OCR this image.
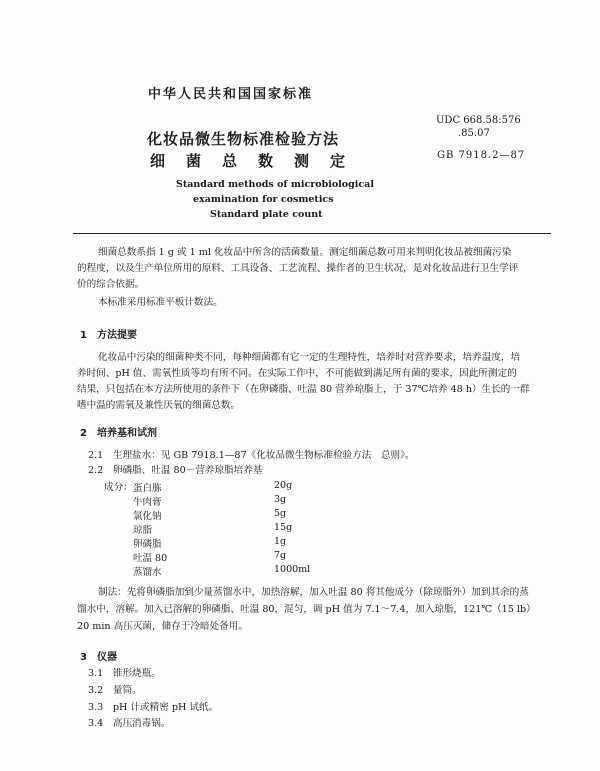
中华人民共和国国家标准
化妆品微生物标准检验方法
细菌总数测定
UDC 668.58:576
.85.07
GB 7918.2—87
Standard methods of microbiological
examination for cosmetics
Standard plate count
细菌总数系指 1 g 或 1 ml 化妆品中所含的活菌数量。测定细菌总数可用来判明化妆品被细菌污染
的程度，以及生产单位所用的原料、工具设备、工艺流程、操作者的卫生状况，是对化妆品进行卫生学评
价的综合依据。
本标准采用标准平板计数法。
1　方法提要
化妆品中污染的细菌种类不同，每种细菌都有它一定的生理特性，培养时对营养要求，培养温度，培
养时间、pH 值、需氧性质等均有所不同。在实际工作中，不可能做到满足所有菌的要求，因此所测定的
结果，只包括在本方法所使用的条件下（在卵磷脂、吐温 80 营养琼脂上，于 37℃培养 48 h）生长的一群
嗜中温的需氧及兼性厌氧的细菌总数。
2　培养基和试剂
2.1　生理盐水：见 GB 7918.1—87《化妆品微生物标准检验方法　总则》。
2.2　卵磷脂、吐温 80－营养琼脂培养基
成分： 蛋白胨	20g
牛肉膏	3g
氯化钠	5g
琼脂	15g
卵磷脂	1g
吐温 80	7g
蒸馏水	1000ml
制法：先将卵磷脂加到少量蒸馏水中，加热溶解，加入吐温 80 将其他成分（除琼脂外）加到其余的蒸
馏水中，溶解。加入已溶解的卵磷脂、吐温 80，混匀，调 pH 值为 7.1～7.4，加入琼脂，121℃（15 lb）
20 min 高压灭菌，储存于冷暗处备用。
3　仪器
3.1　锥形烧瓶。
3.2　量筒。
3.3　pH 计或精密 pH 试纸。
3.4　高压消毒锅。
